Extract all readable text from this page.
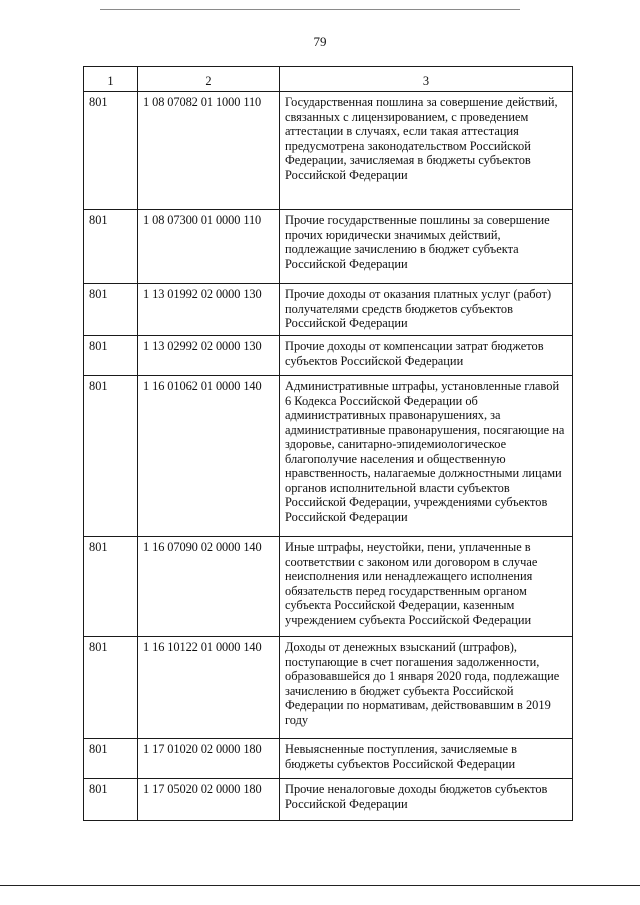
79
1	2	3
801	1 08 07082 01 1000 110	Государственная пошлина за совершение действий, связанных с лицензированием, с проведением аттестации в случаях, если такая аттестация предусмотрена законодательством Российской Федерации, зачисляемая в бюджеты субъектов Российской Федерации
801	1 08 07300 01 0000 110	Прочие государственные пошлины за совершение прочих юридически значимых действий, подлежащие зачислению в бюджет субъекта Российской Федерации
801	1 13 01992 02 0000 130	Прочие доходы от оказания платных услуг (работ) получателями средств бюджетов субъектов Российской Федерации
801	1 13 02992 02 0000 130	Прочие доходы от компенсации затрат бюджетов субъектов Российской Федерации
801	1 16 01062 01 0000 140	Административные штрафы, установленные главой 6 Кодекса Российской Федерации об административных правонарушениях, за административные правонарушения, посягающие на здоровье, санитарно-эпидемиологическое благополучие населения и общественную нравственность, налагаемые должностными лицами органов исполнительной власти субъектов Российской Федерации, учреждениями субъектов Российской Федерации
801	1 16 07090 02 0000 140	Иные штрафы, неустойки, пени, уплаченные в соответствии с законом или договором в случае неисполнения или ненадлежащего исполнения обязательств перед государственным органом субъекта Российской Федерации, казенным учреждением субъекта Российской Федерации
801	1 16 10122 01 0000 140	Доходы от денежных взысканий (штрафов), поступающие в счет погашения задолженности, образовавшейся до 1 января 2020 года, подлежащие зачислению в бюджет субъекта Российской Федерации по нормативам, действовавшим в 2019 году
801	1 17 01020 02 0000 180	Невыясненные поступления, зачисляемые в бюджеты субъектов Российской Федерации
801	1 17 05020 02 0000 180	Прочие неналоговые доходы бюджетов субъектов Российской Федерации
